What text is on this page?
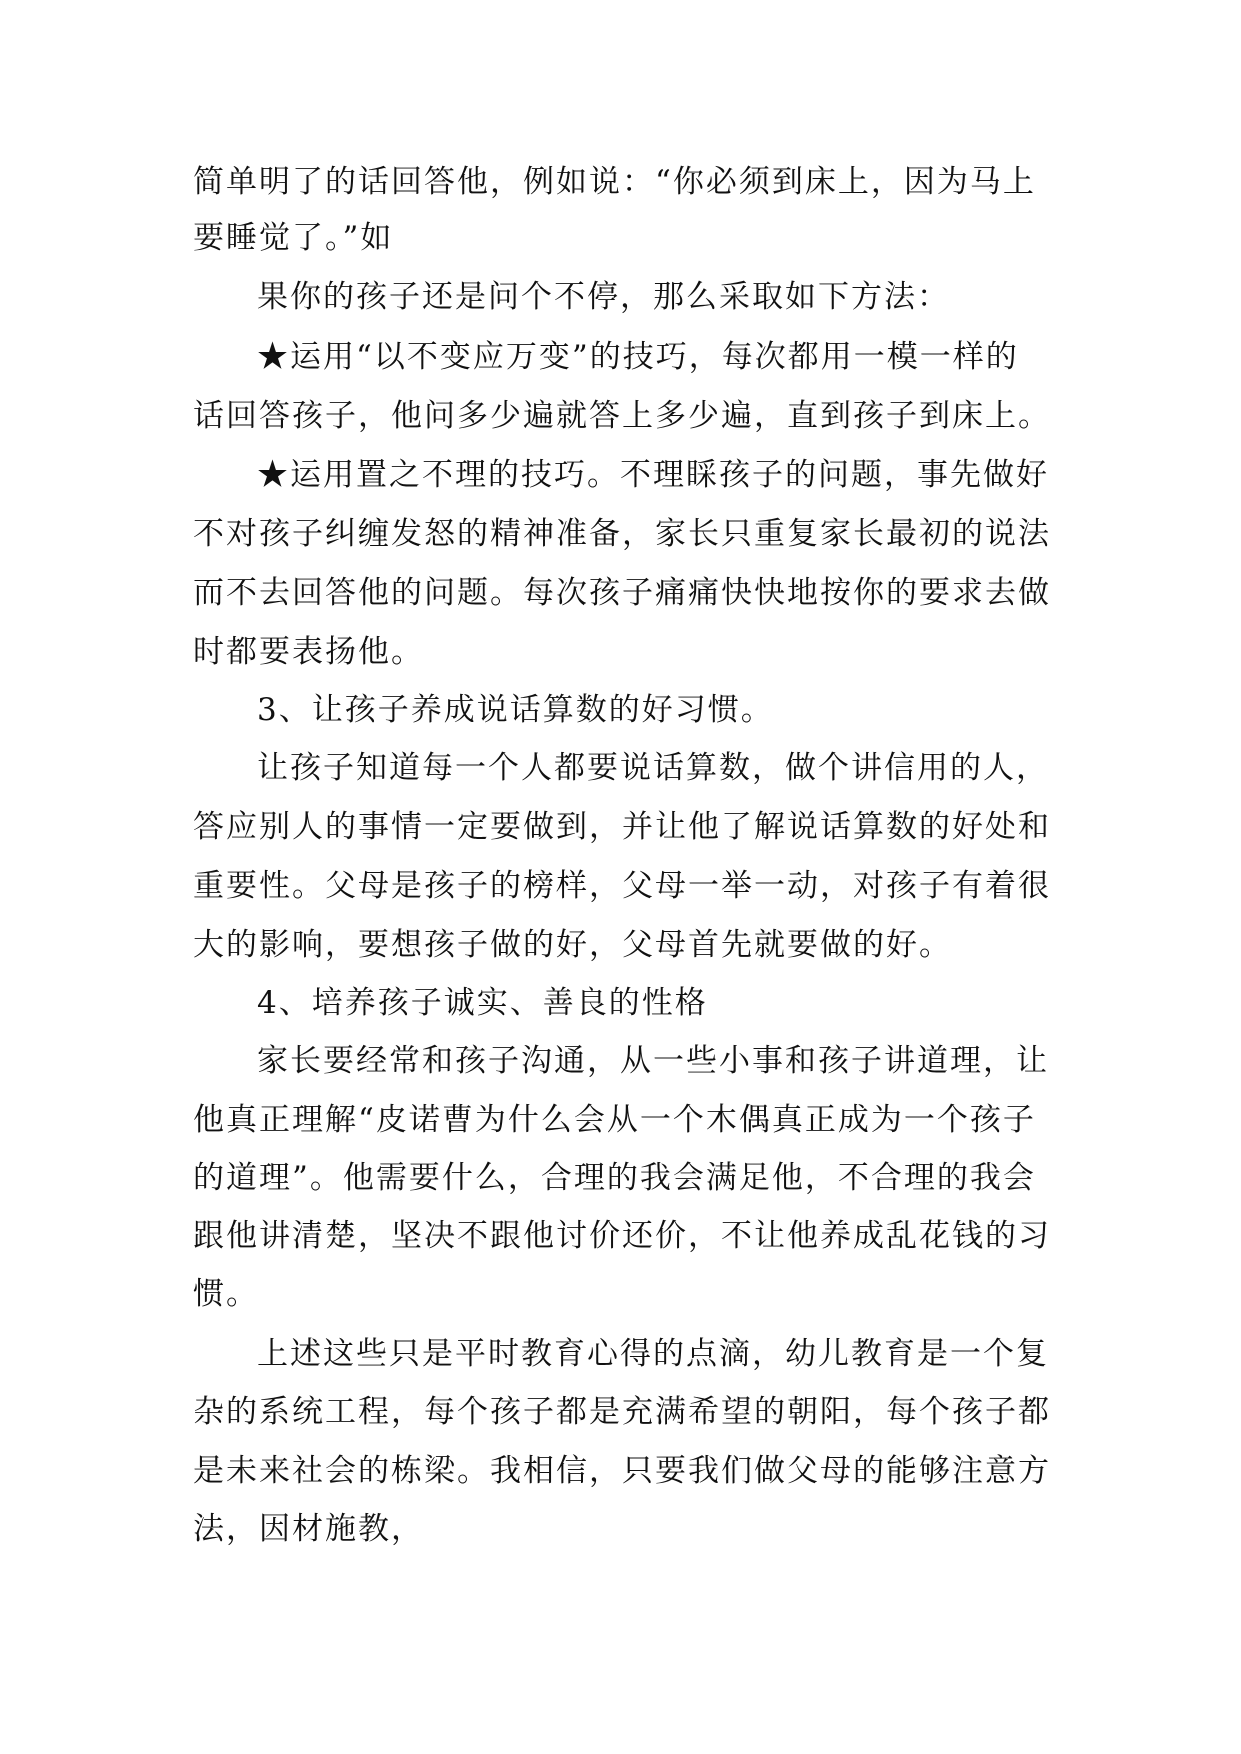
简单明了的话回答他，例如说：“你必须到床上，因为马上
要睡觉了。”如
果你的孩子还是问个不停，那么采取如下方法：
★运用“以不变应万变”的技巧，每次都用一模一样的
话回答孩子，他问多少遍就答上多少遍，直到孩子到床上。
★运用置之不理的技巧。不理睬孩子的问题，事先做好
不对孩子纠缠发怒的精神准备，家长只重复家长最初的说法
而不去回答他的问题。每次孩子痛痛快快地按你的要求去做
时都要表扬他。
3、让孩子养成说话算数的好习惯。
让孩子知道每一个人都要说话算数，做个讲信用的人，
答应别人的事情一定要做到，并让他了解说话算数的好处和
重要性。父母是孩子的榜样，父母一举一动，对孩子有着很
大的影响，要想孩子做的好，父母首先就要做的好。
4、培养孩子诚实、善良的性格
家长要经常和孩子沟通，从一些小事和孩子讲道理，让
他真正理解“皮诺曹为什么会从一个木偶真正成为一个孩子
的道理”。他需要什么，合理的我会满足他，不合理的我会
跟他讲清楚，坚决不跟他讨价还价，不让他养成乱花钱的习
惯。
上述这些只是平时教育心得的点滴，幼儿教育是一个复
杂的系统工程，每个孩子都是充满希望的朝阳，每个孩子都
是未来社会的栋梁。我相信，只要我们做父母的能够注意方
法，因材施教，
